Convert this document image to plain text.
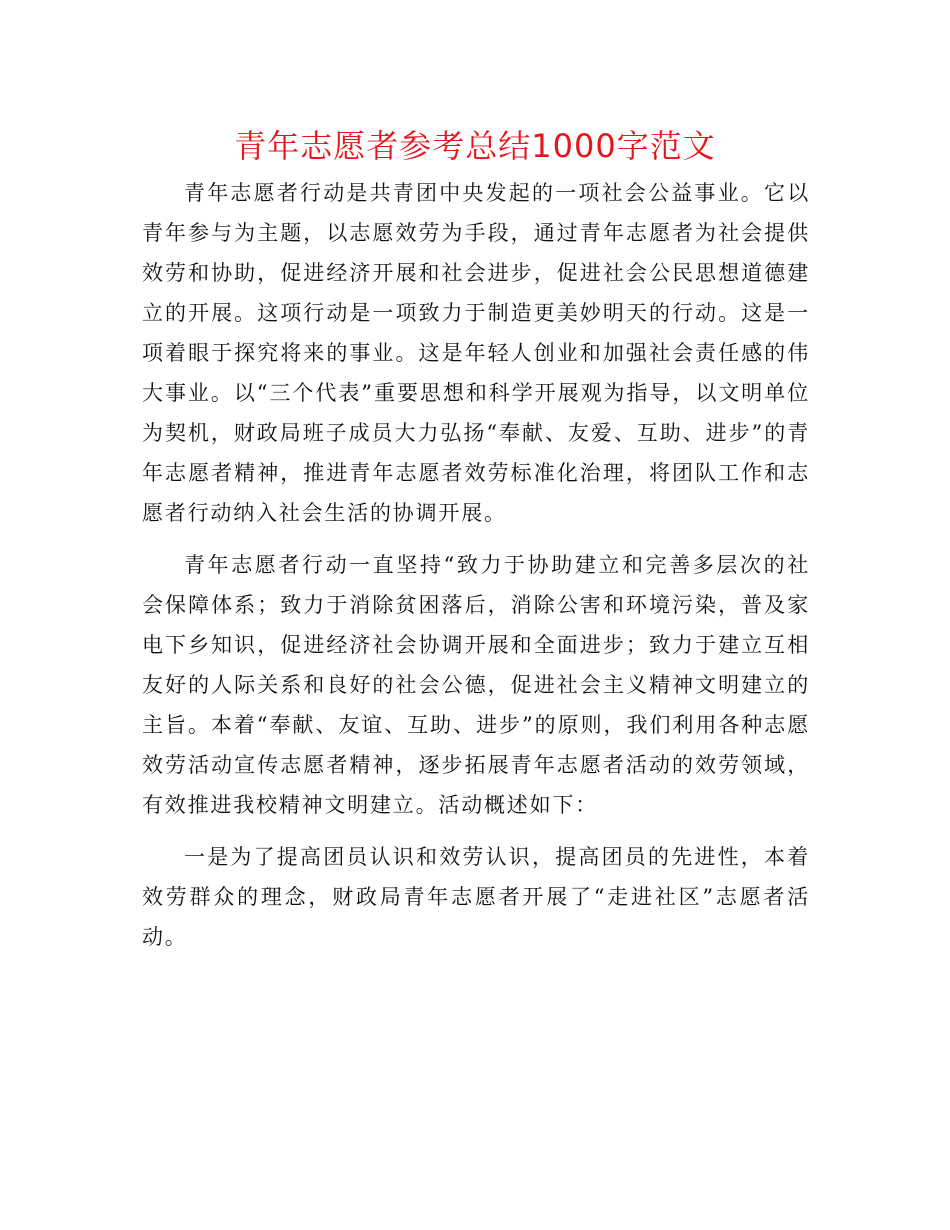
青年志愿者参考总结1000字范文

青年志愿者行动是共青团中央发起的一项社会公益事业。它以青年参与为主题，以志愿效劳为手段，通过青年志愿者为社会提供效劳和协助，促进经济开展和社会进步，促进社会公民思想道德建立的开展。这项行动是一项致力于制造更美妙明天的行动。这是一项着眼于探究将来的事业。这是年轻人创业和加强社会责任感的伟大事业。以“三个代表”重要思想和科学开展观为指导，以文明单位为契机，财政局班子成员大力弘扬“奉献、友爱、互助、进步”的青年志愿者精神，推进青年志愿者效劳标准化治理，将团队工作和志愿者行动纳入社会生活的协调开展。

青年志愿者行动一直坚持“致力于协助建立和完善多层次的社会保障体系；致力于消除贫困落后，消除公害和环境污染，普及家电下乡知识，促进经济社会协调开展和全面进步；致力于建立互相友好的人际关系和良好的社会公德，促进社会主义精神文明建立的主旨。本着“奉献、友谊、互助、进步”的原则，我们利用各种志愿效劳活动宣传志愿者精神，逐步拓展青年志愿者活动的效劳领域，有效推进我校精神文明建立。活动概述如下：

一是为了提高团员认识和效劳认识，提高团员的先进性，本着效劳群众的理念，财政局青年志愿者开展了“走进社区”志愿者活动。
